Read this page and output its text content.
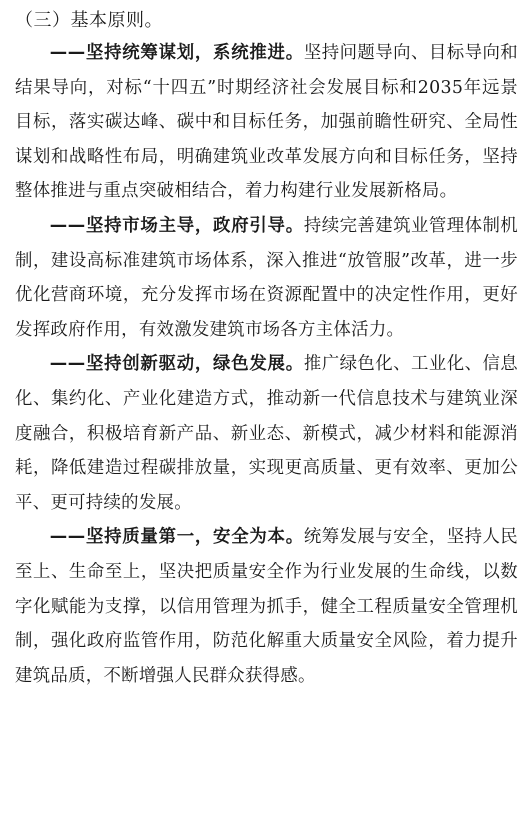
（三）基本原则。

——坚持统筹谋划，系统推进。坚持问题导向、目标导向和结果导向，对标“十四五”时期经济社会发展目标和2035年远景目标，落实碳达峰、碳中和目标任务，加强前瞻性研究、全局性谋划和战略性布局，明确建筑业改革发展方向和目标任务，坚持整体推进与重点突破相结合，着力构建行业发展新格局。

——坚持市场主导，政府引导。持续完善建筑业管理体制机制，建设高标准建筑市场体系，深入推进“放管服”改革，进一步优化营商环境，充分发挥市场在资源配置中的决定性作用，更好发挥政府作用，有效激发建筑市场各方主体活力。

——坚持创新驱动，绿色发展。推广绿色化、工业化、信息化、集约化、产业化建造方式，推动新一代信息技术与建筑业深度融合，积极培育新产品、新业态、新模式，减少材料和能源消耗，降低建造过程碳排放量，实现更高质量、更有效率、更加公平、更可持续的发展。

——坚持质量第一，安全为本。统筹发展与安全，坚持人民至上、生命至上，坚决把质量安全作为行业发展的生命线，以数字化赋能为支撑，以信用管理为抓手，健全工程质量安全管理机制，强化政府监管作用，防范化解重大质量安全风险，着力提升建筑品质，不断增强人民群众获得感。
